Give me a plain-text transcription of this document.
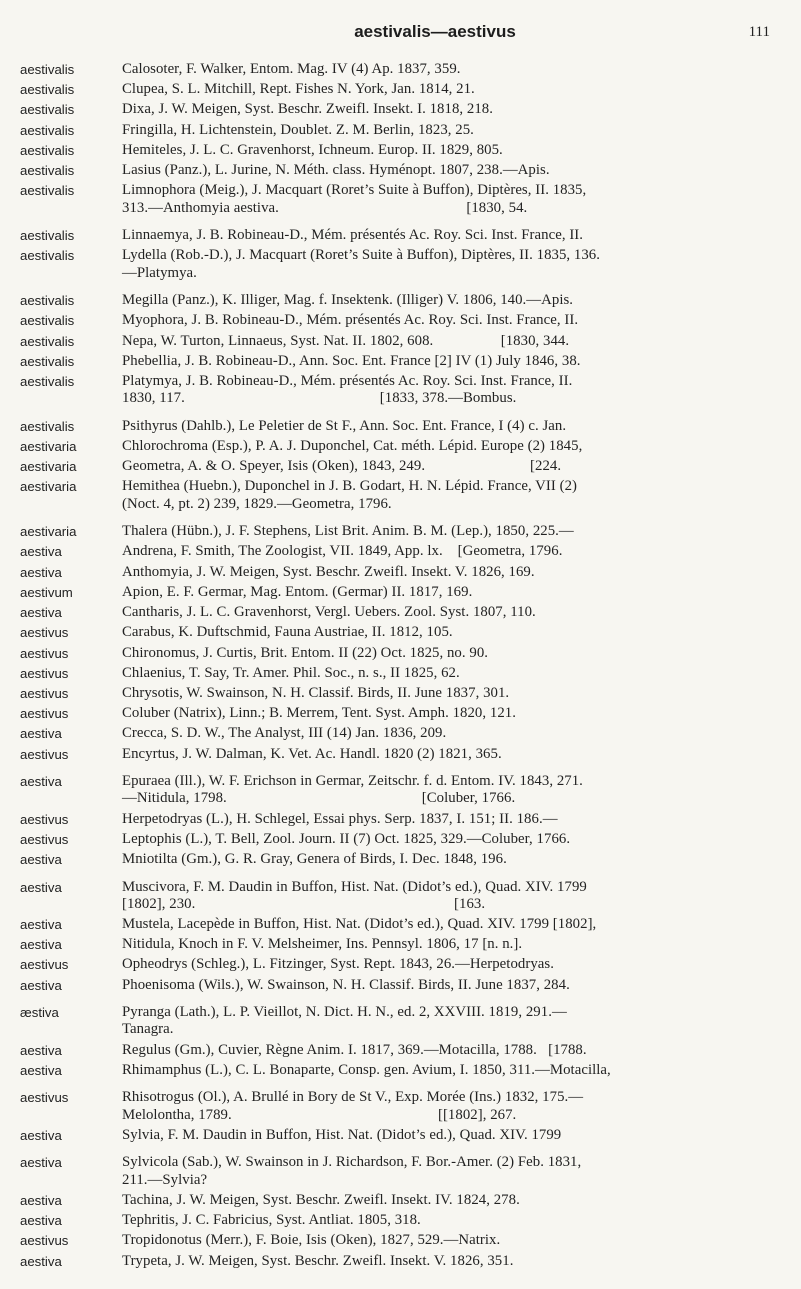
aestivalis—aestivus	111
aestivalis	Calosoter, F. Walker, Entom. Mag. IV (4) Ap. 1837, 359.
aestivalis	Clupea, S. L. Mitchill, Rept. Fishes N. York, Jan. 1814, 21.
aestivalis	Dixa, J. W. Meigen, Syst. Beschr. Zweifl. Insekt. I. 1818, 218.
aestivalis	Fringilla, H. Lichtenstein, Doublet. Z. M. Berlin, 1823, 25.
aestivalis	Hemiteles, J. L. C. Gravenhorst, Ichneum. Europ. II. 1829, 805.
aestivalis	Lasius (Panz.), L. Jurine, N. Méth. class. Hyménopt. 1807, 238.—Apis.
aestivalis	Limnophora (Meig.), J. Macquart (Roret’s Suite à Buffon), Diptères, II. 1835,
313.—Anthomyia aestiva.                                                  [1830, 54.
aestivalis	Linnaemya, J. B. Robineau-D., Mém. présentés Ac. Roy. Sci. Inst. France, II.
aestivalis	Lydella (Rob.-D.), J. Macquart (Roret’s Suite à Buffon), Diptères, II. 1835, 136.
—Platymya.
aestivalis	Megilla (Panz.), K. Illiger, Mag. f. Insektenk. (Illiger) V. 1806, 140.—Apis.
aestivalis	Myophora, J. B. Robineau-D., Mém. présentés Ac. Roy. Sci. Inst. France, II.
aestivalis	Nepa, W. Turton, Linnaeus, Syst. Nat. II. 1802, 608.                  [1830, 344.
aestivalis	Phebellia, J. B. Robineau-D., Ann. Soc. Ent. France [2] IV (1) July 1846, 38.
aestivalis	Platymya, J. B. Robineau-D., Mém. présentés Ac. Roy. Sci. Inst. France, II.
1830, 117.                                                    [1833, 378.—Bombus.
aestivalis	Psithyrus (Dahlb.), Le Peletier de St F., Ann. Soc. Ent. France, I (4) c. Jan.
aestivaria	Chlorochroma (Esp.), P. A. J. Duponchel, Cat. méth. Lépid. Europe (2) 1845,
aestivaria	Geometra, A. & O. Speyer, Isis (Oken), 1843, 249.                            [224.
aestivaria	Hemithea (Huebn.), Duponchel in J. B. Godart, H. N. Lépid. France, VII (2)
(Noct. 4, pt. 2) 239, 1829.—Geometra, 1796.
aestivaria	Thalera (Hübn.), J. F. Stephens, List Brit. Anim. B. M. (Lep.), 1850, 225.—
aestiva	Andrena, F. Smith, The Zoologist, VII. 1849, App. lx.    [Geometra, 1796.
aestiva	Anthomyia, J. W. Meigen, Syst. Beschr. Zweifl. Insekt. V. 1826, 169.
aestivum	Apion, E. F. Germar, Mag. Entom. (Germar) II. 1817, 169.
aestiva	Cantharis, J. L. C. Gravenhorst, Vergl. Uebers. Zool. Syst. 1807, 110.
aestivus	Carabus, K. Duftschmid, Fauna Austriae, II. 1812, 105.
aestivus	Chironomus, J. Curtis, Brit. Entom. II (22) Oct. 1825, no. 90.
aestivus	Chlaenius, T. Say, Tr. Amer. Phil. Soc., n. s., II 1825, 62.
aestivus	Chrysotis, W. Swainson, N. H. Classif. Birds, II. June 1837, 301.
aestivus	Coluber (Natrix), Linn.; B. Merrem, Tent. Syst. Amph. 1820, 121.
aestiva	Crecca, S. D. W., The Analyst, III (14) Jan. 1836, 209.
aestivus	Encyrtus, J. W. Dalman, K. Vet. Ac. Handl. 1820 (2) 1821, 365.
aestiva	Epuraea (Ill.), W. F. Erichson in Germar, Zeitschr. f. d. Entom. IV. 1843, 271.
—Nitidula, 1798.                                                    [Coluber, 1766.
aestivus	Herpetodryas (L.), H. Schlegel, Essai phys. Serp. 1837, I. 151; II. 186.—
aestivus	Leptophis (L.), T. Bell, Zool. Journ. II (7) Oct. 1825, 329.—Coluber, 1766.
aestiva	Mniotilta (Gm.), G. R. Gray, Genera of Birds, I. Dec. 1848, 196.
aestiva	Muscivora, F. M. Daudin in Buffon, Hist. Nat. (Didot’s ed.), Quad. XIV. 1799
[1802], 230.                                                                     [163.
aestiva	Mustela, Lacepède in Buffon, Hist. Nat. (Didot’s ed.), Quad. XIV. 1799 [1802],
aestiva	Nitidula, Knoch in F. V. Melsheimer, Ins. Pennsyl. 1806, 17 [n. n.].
aestivus	Opheodrys (Schleg.), L. Fitzinger, Syst. Rept. 1843, 26.—Herpetodryas.
aestiva	Phoenisoma (Wils.), W. Swainson, N. H. Classif. Birds, II. June 1837, 284.
æstiva	Pyranga (Lath.), L. P. Vieillot, N. Dict. H. N., ed. 2, XXVIII. 1819, 291.—
Tanagra.
aestiva	Regulus (Gm.), Cuvier, Règne Anim. I. 1817, 369.—Motacilla, 1788.   [1788.
aestiva	Rhimamphus (L.), C. L. Bonaparte, Consp. gen. Avium, I. 1850, 311.—Motacilla,
aestivus	Rhisotrogus (Ol.), A. Brullé in Bory de St V., Exp. Morée (Ins.) 1832, 175.—
Melolontha, 1789.                                                       [[1802], 267.
aestiva	Sylvia, F. M. Daudin in Buffon, Hist. Nat. (Didot’s ed.), Quad. XIV. 1799
aestiva	Sylvicola (Sab.), W. Swainson in J. Richardson, F. Bor.-Amer. (2) Feb. 1831,
211.—Sylvia?
aestiva	Tachina, J. W. Meigen, Syst. Beschr. Zweifl. Insekt. IV. 1824, 278.
aestiva	Tephritis, J. C. Fabricius, Syst. Antliat. 1805, 318.
aestivus	Tropidonotus (Merr.), F. Boie, Isis (Oken), 1827, 529.—Natrix.
aestiva	Trypeta, J. W. Meigen, Syst. Beschr. Zweifl. Insekt. V. 1826, 351.
